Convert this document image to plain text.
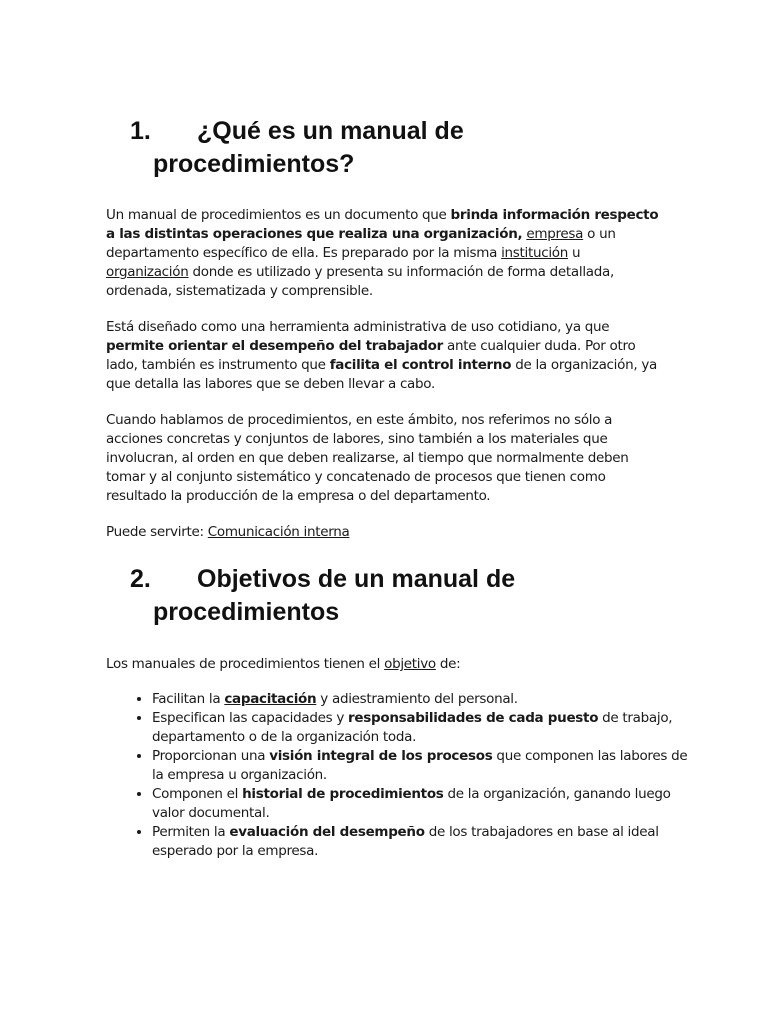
1. ¿Qué es un manual de
procedimientos?

Un manual de procedimientos es un documento que brinda información respecto a las distintas operaciones que realiza una organización, empresa o un departamento específico de ella. Es preparado por la misma institución u organización donde es utilizado y presenta su información de forma detallada, ordenada, sistematizada y comprensible.

Está diseñado como una herramienta administrativa de uso cotidiano, ya que permite orientar el desempeño del trabajador ante cualquier duda. Por otro lado, también es instrumento que facilita el control interno de la organización, ya que detalla las labores que se deben llevar a cabo.

Cuando hablamos de procedimientos, en este ámbito, nos referimos no sólo a acciones concretas y conjuntos de labores, sino también a los materiales que involucran, al orden en que deben realizarse, al tiempo que normalmente deben tomar y al conjunto sistemático y concatenado de procesos que tienen como resultado la producción de la empresa o del departamento.

Puede servirte: Comunicación interna

2. Objetivos de un manual de
procedimientos

Los manuales de procedimientos tienen el objetivo de:

• Facilitan la capacitación y adiestramiento del personal.
• Especifican las capacidades y responsabilidades de cada puesto de trabajo, departamento o de la organización toda.
• Proporcionan una visión integral de los procesos que componen las labores de la empresa u organización.
• Componen el historial de procedimientos de la organización, ganando luego valor documental.
• Permiten la evaluación del desempeño de los trabajadores en base al ideal esperado por la empresa.
